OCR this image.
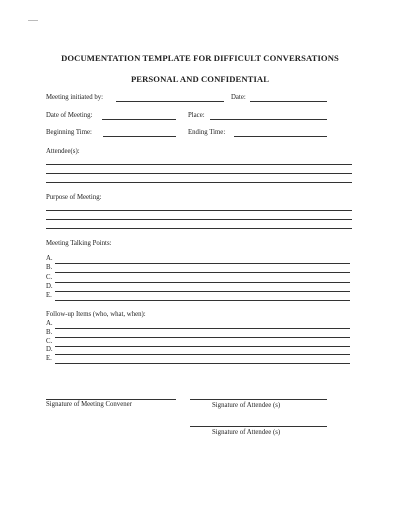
DOCUMENTATION TEMPLATE FOR DIFFICULT CONVERSATIONS
PERSONAL AND CONFIDENTIAL
Meeting initiated by:	Date:
Date of Meeting:	Place:
Beginning Time:	Ending Time:
Attendee(s):
Purpose of Meeting:
Meeting Talking Points:
A.
B.
C.
D.
E.
Follow-up Items (who, what, when):
A.
B.
C.
D.
E.
Signature of Meeting Convener	Signature of Attendee (s)
Signature of Attendee (s)
